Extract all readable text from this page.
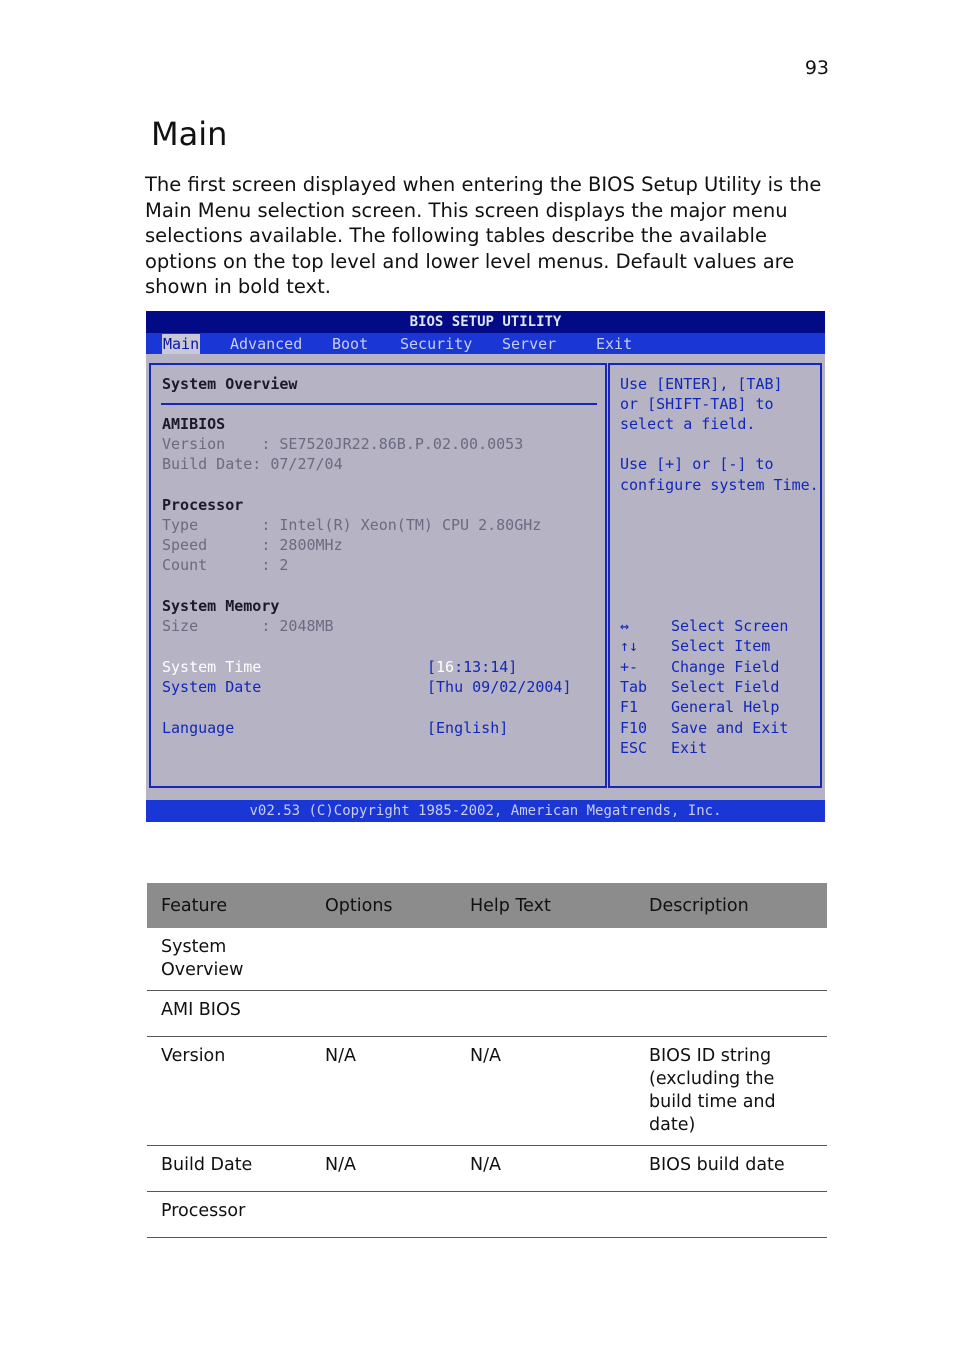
93
Main

The first screen displayed when entering the BIOS Setup Utility is the Main Menu selection screen. This screen displays the major menu selections available. The following tables describe the available options on the top level and lower level menus. Default values are shown in bold text.

BIOS SETUP UTILITY
Main Advanced Boot Security Server	Exit
System Overview
AMIBIOS
Version    : SE7520JR22.86B.P.02.00.0053
Build Date: 07/27/04
Processor
Type       : Intel(R) Xeon(TM) CPU 2.80GHz
Speed      : 2800MHz
Count      : 2
System Memory
Size       : 2048MB
System Time	[16:13:14]
System Date	[Thu 09/02/2004]
Language	[English]
Use [ENTER], [TAB]
or [SHIFT-TAB] to
select a field.
Use [+] or [-] to
configure system Time.
↔	Select Screen
↑↓ Select Item
+- Change Field
Tab Select Field
F1 General Help
F10 Save and Exit
ESC Exit
v02.53 (C)Copyright 1985-2002, American Megatrends, Inc.
Feature	Options	Help Text	Description
System Overview			
AMI BIOS			
Version	N/A	N/A	BIOS ID string
(excluding the
build time and
date)
Build Date	N/A	N/A	BIOS build date
Processor			
